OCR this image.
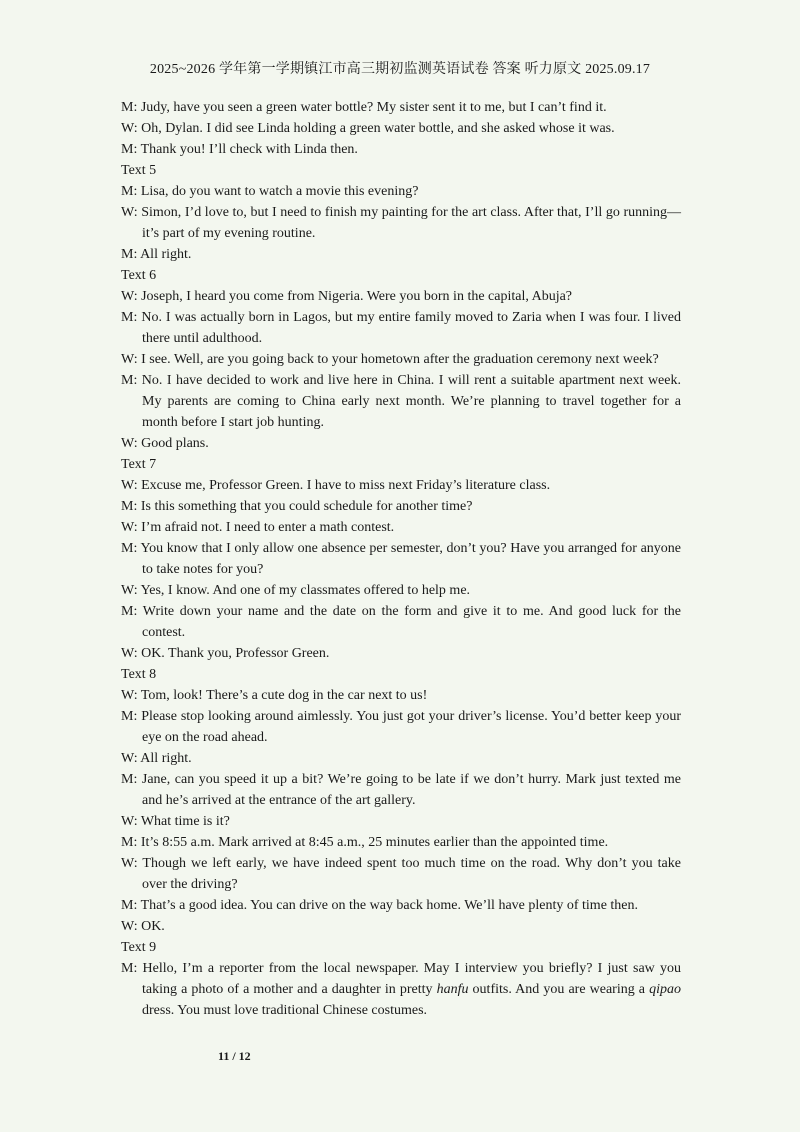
2025~2026 学年第一学期镇江市高三期初监测英语试卷 答案 听力原文 2025.09.17

M: Judy, have you seen a green water bottle? My sister sent it to me, but I can’t find it.

W: Oh, Dylan. I did see Linda holding a green water bottle, and she asked whose it was.

M: Thank you! I’ll check with Linda then.

Text 5

M: Lisa, do you want to watch a movie this evening?

W: Simon, I’d love to, but I need to finish my painting for the art class. After that, I’ll go running—it’s part of my evening routine.

M: All right.

Text 6

W: Joseph, I heard you come from Nigeria. Were you born in the capital, Abuja?

M: No. I was actually born in Lagos, but my entire family moved to Zaria when I was four. I lived there until adulthood.

W: I see. Well, are you going back to your hometown after the graduation ceremony next week?

M: No. I have decided to work and live here in China. I will rent a suitable apartment next week. My parents are coming to China early next month. We’re planning to travel together for a month before I start job hunting.

W: Good plans.

Text 7

W: Excuse me, Professor Green. I have to miss next Friday’s literature class.

M: Is this something that you could schedule for another time?

W: I’m afraid not. I need to enter a math contest.

M: You know that I only allow one absence per semester, don’t you? Have you arranged for anyone to take notes for you?

W: Yes, I know. And one of my classmates offered to help me.

M: Write down your name and the date on the form and give it to me. And good luck for the contest.

W: OK. Thank you, Professor Green.

Text 8

W: Tom, look! There’s a cute dog in the car next to us!

M: Please stop looking around aimlessly. You just got your driver’s license. You’d better keep your eye on the road ahead.

W: All right.

M: Jane, can you speed it up a bit? We’re going to be late if we don’t hurry. Mark just texted me and he’s arrived at the entrance of the art gallery.

W: What time is it?

M: It’s 8:55 a.m. Mark arrived at 8:45 a.m., 25 minutes earlier than the appointed time.

W: Though we left early, we have indeed spent too much time on the road. Why don’t you take over the driving?

M: That’s a good idea. You can drive on the way back home. We’ll have plenty of time then.

W: OK.

Text 9

M: Hello, I’m a reporter from the local newspaper. May I interview you briefly? I just saw you taking a photo of a mother and a daughter in pretty hanfu outfits. And you are wearing a qipao dress. You must love traditional Chinese costumes.

11 / 12
